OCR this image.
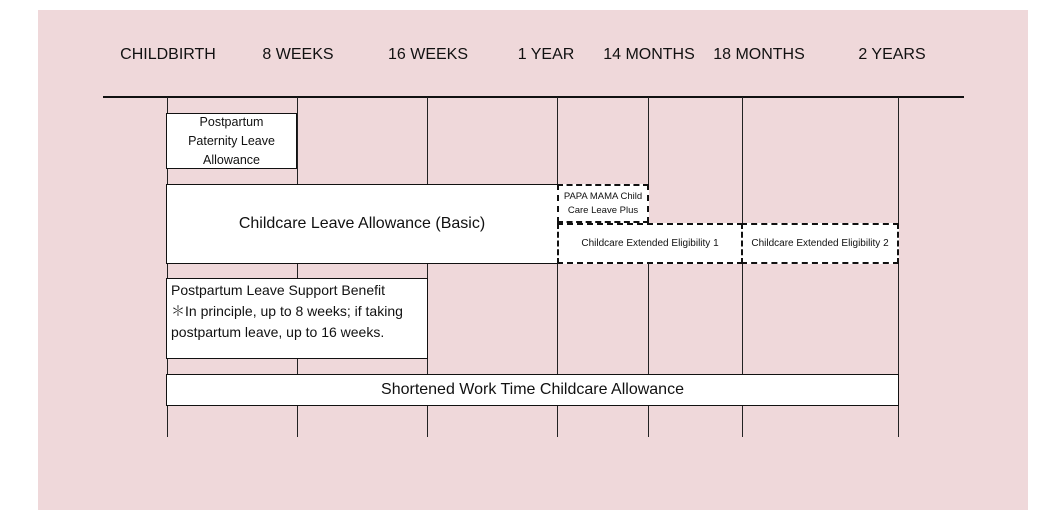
CHILDBIRTH	8 WEEKS	16 WEEKS	1 YEAR 14 MONTHS 18 MONTHS	2 YEARS
Postpartum
Paternity Leave
Allowance
Childcare Leave Allowance (Basic)
PAPA MAMA Child
Care Leave Plus
Childcare Extended Eligibility 1	Childcare Extended Eligibility 2
Postpartum Leave Support Benefit
＊In principle, up to 8 weeks; if taking postpartum leave, up to 16 weeks.
Shortened Work Time Childcare Allowance
